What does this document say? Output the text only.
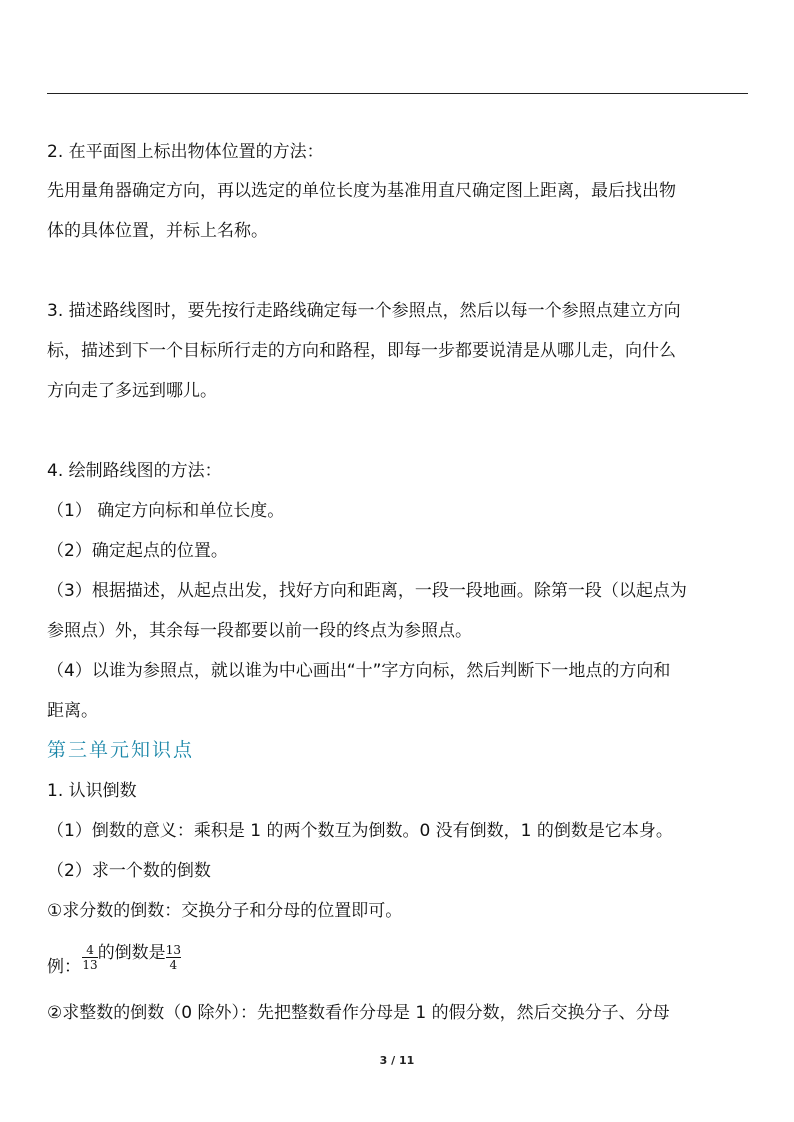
2. 在平面图上标出物体位置的方法：
先用量角器确定方向，再以选定的单位长度为基准用直尺确定图上距离，最后找出物
体的具体位置，并标上名称。
3. 描述路线图时，要先按行走路线确定每一个参照点，然后以每一个参照点建立方向
标，描述到下一个目标所行走的方向和路程，即每一步都要说清是从哪儿走，向什么
方向走了多远到哪儿。
4. 绘制路线图的方法：
（1） 确定方向标和单位长度。
（2）确定起点的位置。
（3）根据描述，从起点出发，找好方向和距离，一段一段地画。除第一段（以起点为
参照点）外，其余每一段都要以前一段的终点为参照点。
（4）以谁为参照点，就以谁为中心画出“十”字方向标，然后判断下一地点的方向和
距离。
第三单元知识点
1. 认识倒数
（1）倒数的意义：乘积是 1 的两个数互为倒数。0 没有倒数，1 的倒数是它本身。
（2）求一个数的倒数
①求分数的倒数：交换分子和分母的位置即可。
例： $\frac{4}{13}$ 的倒数是 $\frac{13}{4}$
②求整数的倒数（0 除外）：先把整数看作分母是 1 的假分数，然后交换分子、分母
3 / 11
